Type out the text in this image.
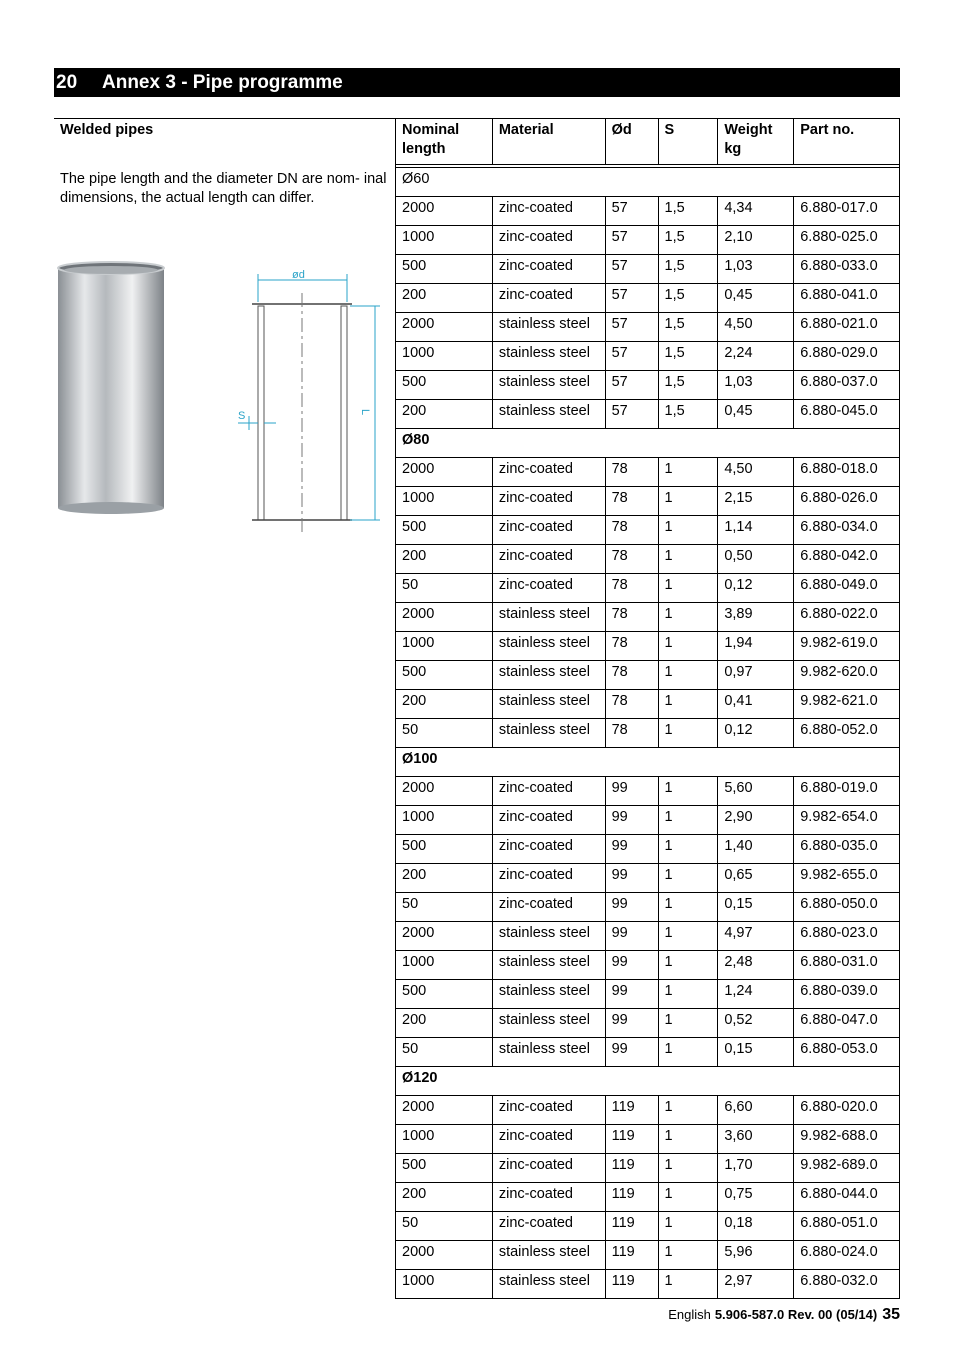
20	Annex 3 - Pipe programme
Welded pipes
The pipe length and the diameter DN are nom- inal dimensions, the actual length can differ.
ød
S	L
Nominal length	Material	Ød	S	Weight kg	Part no.

Ø60					
2000	zinc-coated	57	1,5	4,34	6.880-017.0
1000	zinc-coated	57	1,5	2,10	6.880-025.0
500	zinc-coated	57	1,5	1,03	6.880-033.0
200	zinc-coated	57	1,5	0,45	6.880-041.0
2000	stainless steel	57	1,5	4,50	6.880-021.0
1000	stainless steel	57	1,5	2,24	6.880-029.0
500	stainless steel	57	1,5	1,03	6.880-037.0
200	stainless steel	57	1,5	0,45	6.880-045.0
Ø80					
2000	zinc-coated	78	1	4,50	6.880-018.0
1000	zinc-coated	78	1	2,15	6.880-026.0
500	zinc-coated	78	1	1,14	6.880-034.0
200	zinc-coated	78	1	0,50	6.880-042.0
50	zinc-coated	78	1	0,12	6.880-049.0
2000	stainless steel	78	1	3,89	6.880-022.0
1000	stainless steel	78	1	1,94	9.982-619.0
500	stainless steel	78	1	0,97	9.982-620.0
200	stainless steel	78	1	0,41	9.982-621.0
50	stainless steel	78	1	0,12	6.880-052.0
Ø100					
2000	zinc-coated	99	1	5,60	6.880-019.0
1000	zinc-coated	99	1	2,90	9.982-654.0
500	zinc-coated	99	1	1,40	6.880-035.0
200	zinc-coated	99	1	0,65	9.982-655.0
50	zinc-coated	99	1	0,15	6.880-050.0
2000	stainless steel	99	1	4,97	6.880-023.0
1000	stainless steel	99	1	2,48	6.880-031.0
500	stainless steel	99	1	1,24	6.880-039.0
200	stainless steel	99	1	0,52	6.880-047.0
50	stainless steel	99	1	0,15	6.880-053.0
Ø120					
2000	zinc-coated	119	1	6,60	6.880-020.0
1000	zinc-coated	119	1	3,60	9.982-688.0
500	zinc-coated	119	1	1,70	9.982-689.0
200	zinc-coated	119	1	0,75	6.880-044.0
50	zinc-coated	119	1	0,18	6.880-051.0
2000	stainless steel	119	1	5,96	6.880-024.0
1000	stainless steel	119	1	2,97	6.880-032.0
English 5.906-587.0 Rev. 00 (05/14) 35
